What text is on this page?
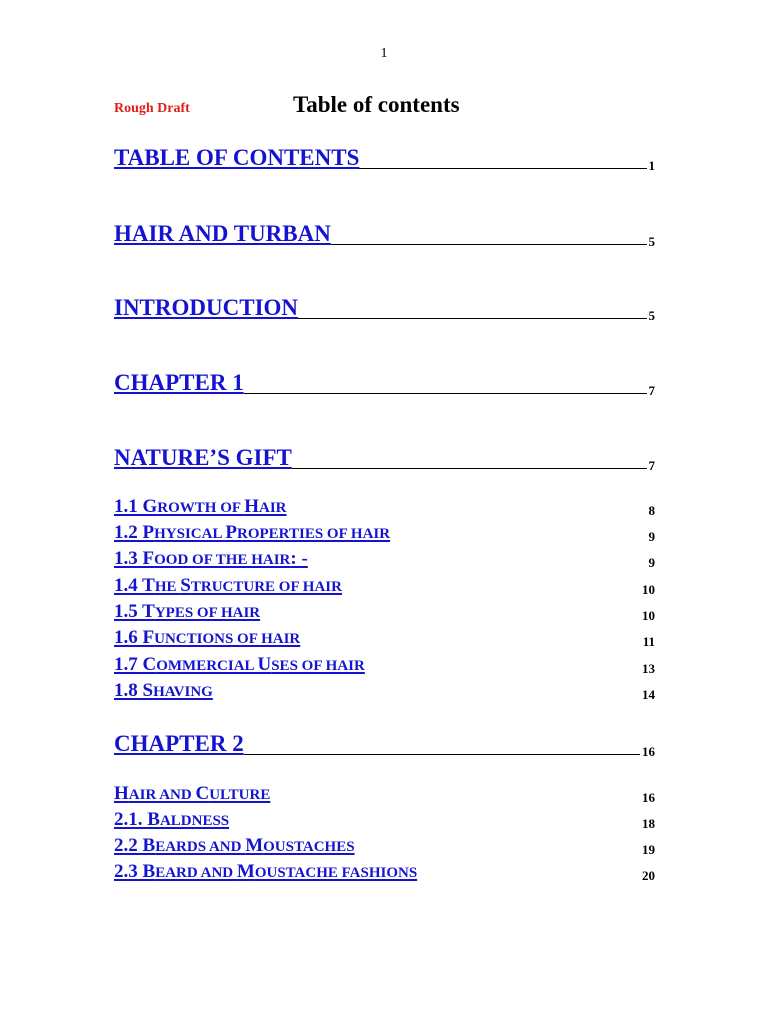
1
Rough Draft	Table of contents
TABLE OF CONTENTS	1
HAIR AND TURBAN	5
INTRODUCTION	5
CHAPTER 1	7
NATURE’S GIFT	7
1.1 GROWTH OF HAIR	8
1.2 PHYSICAL PROPERTIES OF HAIR	9
1.3 FOOD OF THE HAIR: -	9
1.4 THE STRUCTURE OF HAIR	10
1.5 TYPES OF HAIR	10
1.6 FUNCTIONS OF HAIR	11
1.7 COMMERCIAL USES OF HAIR	13
1.8 SHAVING	14
CHAPTER 2	16
HAIR AND CULTURE	16
2.1. BALDNESS	18
2.2 BEARDS AND MOUSTACHES	19
2.3 BEARD AND MOUSTACHE FASHIONS	20
